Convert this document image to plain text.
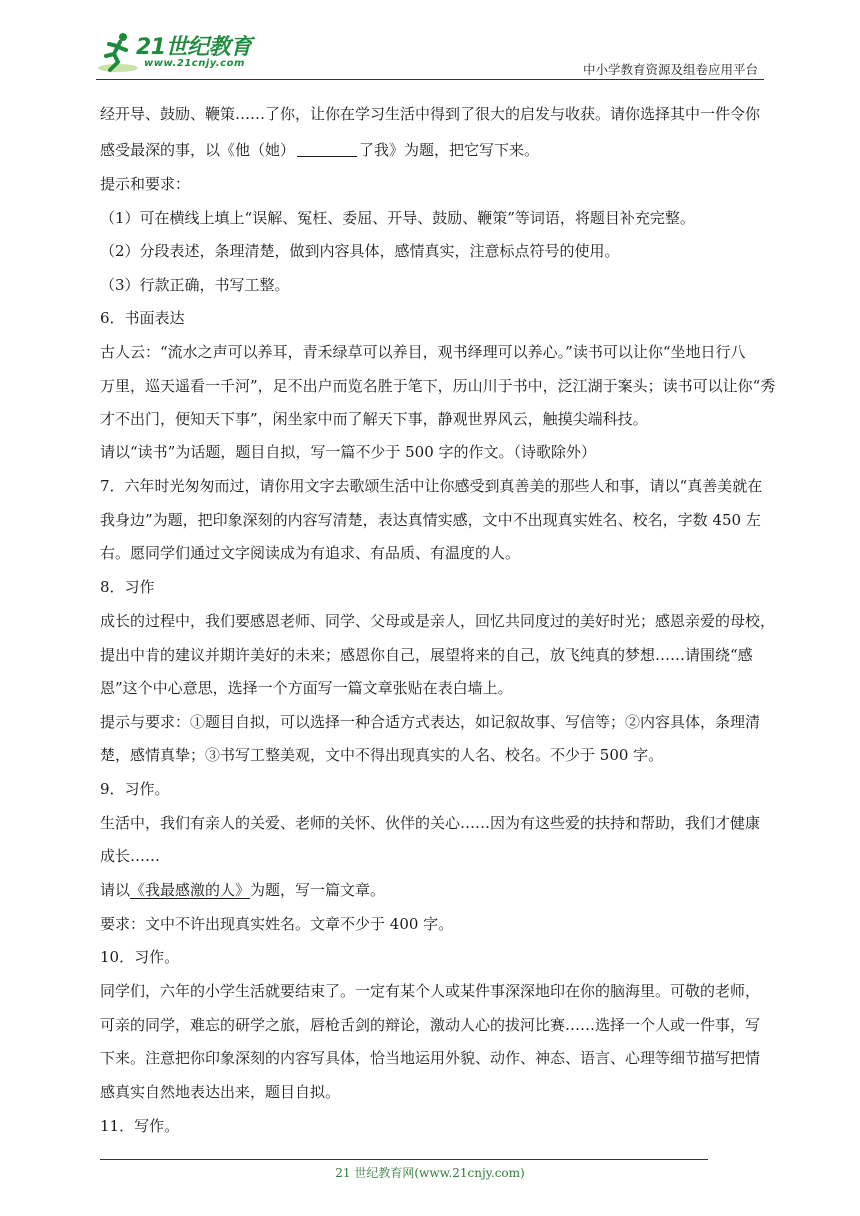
21世纪教育
www.21cnjy.com	中小学教育资源及组卷应用平台
经开导、鼓励、鞭策……了你，让你在学习生活中得到了很大的启发与收获。请你选择其中一件令你
感受最深的事，以《他（她）	了我》为题，把它写下来。
提示和要求：
（1）可在横线上填上“误解、冤枉、委屈、开导、鼓励、鞭策”等词语，将题目补充完整。
（2）分段表述，条理清楚，做到内容具体，感情真实，注意标点符号的使用。
（3）行款正确，书写工整。
6．书面表达
古人云：“流水之声可以养耳，青禾绿草可以养目，观书绎理可以养心。”读书可以让你“坐地日行八
万里，巡天遥看一千河”，足不出户而览名胜于笔下，历山川于书中，泛江湖于案头；读书可以让你“秀
才不出门，便知天下事”，闲坐家中而了解天下事，静观世界风云，触摸尖端科技。
请以“读书”为话题，题目自拟，写一篇不少于 500 字的作文。（诗歌除外）
7．六年时光匆匆而过，请你用文字去歌颂生活中让你感受到真善美的那些人和事，请以“真善美就在
我身边”为题，把印象深刻的内容写清楚，表达真情实感，文中不出现真实姓名、校名，字数 450 左
右。愿同学们通过文字阅读成为有追求、有品质、有温度的人。
8．习作
成长的过程中，我们要感恩老师、同学、父母或是亲人，回忆共同度过的美好时光；感恩亲爱的母校，
提出中肯的建议并期许美好的未来；感恩你自己，展望将来的自己，放飞纯真的梦想……请围绕“感
恩”这个中心意思，选择一个方面写一篇文章张贴在表白墙上。
提示与要求：①题目自拟，可以选择一种合适方式表达，如记叙故事、写信等；②内容具体，条理清
楚，感情真挚；③书写工整美观，文中不得出现真实的人名、校名。不少于 500 字。
9．习作。
生活中，我们有亲人的关爱、老师的关怀、伙伴的关心……因为有这些爱的扶持和帮助，我们才健康
成长……
请以《我最感激的人》为题，写一篇文章。
要求：文中不许出现真实姓名。文章不少于 400 字。
10．习作。
同学们，六年的小学生活就要结束了。一定有某个人或某件事深深地印在你的脑海里。可敬的老师，
可亲的同学，难忘的研学之旅，唇枪舌剑的辩论，激动人心的拔河比赛……选择一个人或一件事，写
下来。注意把你印象深刻的内容写具体，恰当地运用外貌、动作、神态、语言、心理等细节描写把情
感真实自然地表达出来，题目自拟。
11．写作。
21 世纪教育网(www.21cnjy.com)
